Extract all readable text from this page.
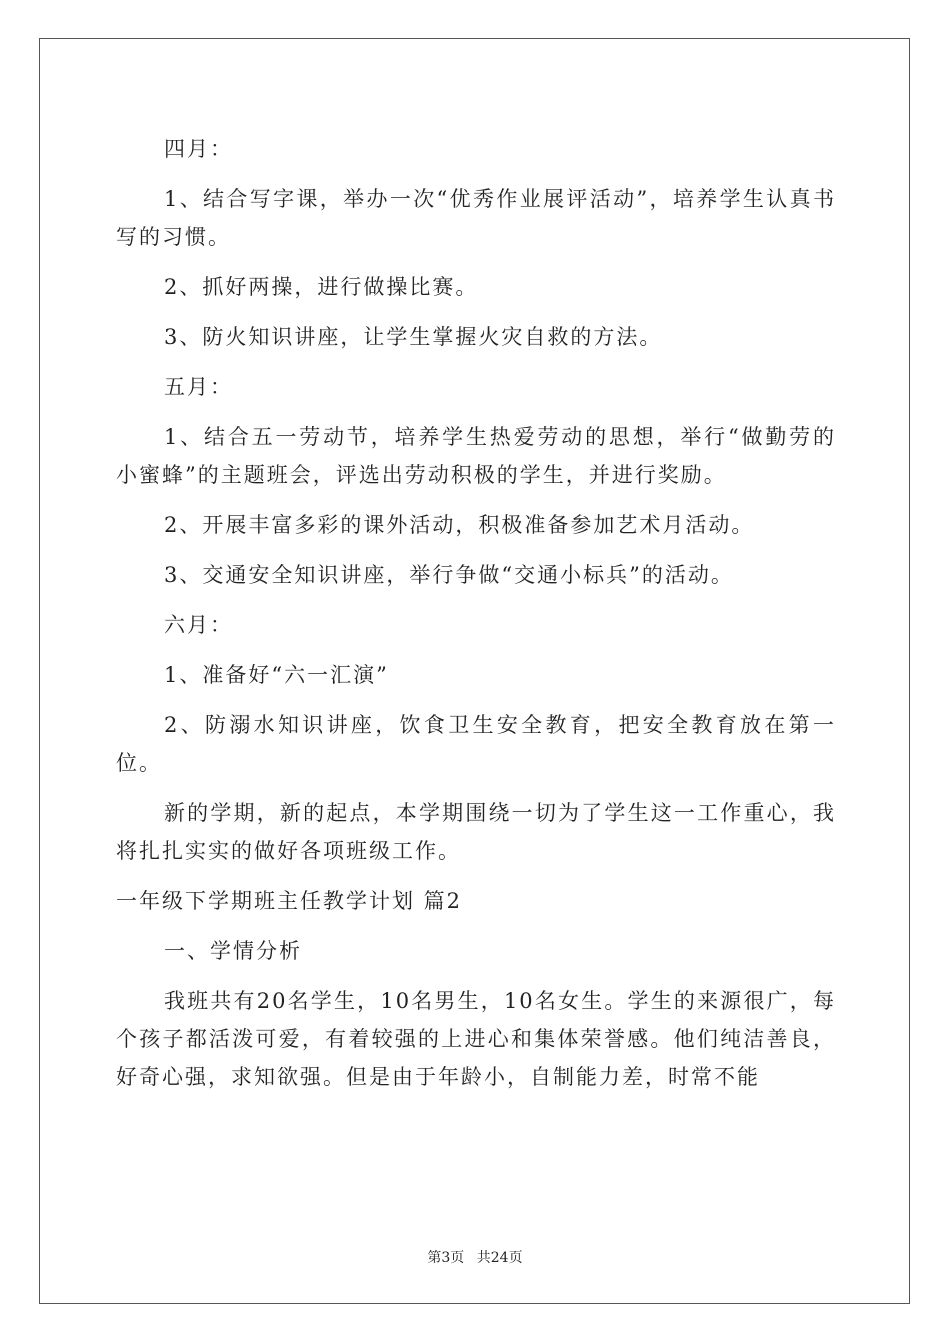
四月：

1、结合写字课，举办一次“优秀作业展评活动”，培养学生认真书写的习惯。

2、抓好两操，进行做操比赛。

3、防火知识讲座，让学生掌握火灾自救的方法。

五月：

1、结合五一劳动节，培养学生热爱劳动的思想，举行“做勤劳的小蜜蜂”的主题班会，评选出劳动积极的学生，并进行奖励。

2、开展丰富多彩的课外活动，积极准备参加艺术月活动。

3、交通安全知识讲座，举行争做“交通小标兵”的活动。

六月：

1、准备好“六一汇演”

2、防溺水知识讲座，饮食卫生安全教育，把安全教育放在第一位。

新的学期，新的起点，本学期围绕一切为了学生这一工作重心，我将扎扎实实的做好各项班级工作。

一年级下学期班主任教学计划 篇2

一、学情分析

我班共有20名学生，10名男生，10名女生。学生的来源很广，每个孩子都活泼可爱，有着较强的上进心和集体荣誉感。他们纯洁善良，好奇心强，求知欲强。但是由于年龄小，自制能力差，时常不能

第3页 共24页
